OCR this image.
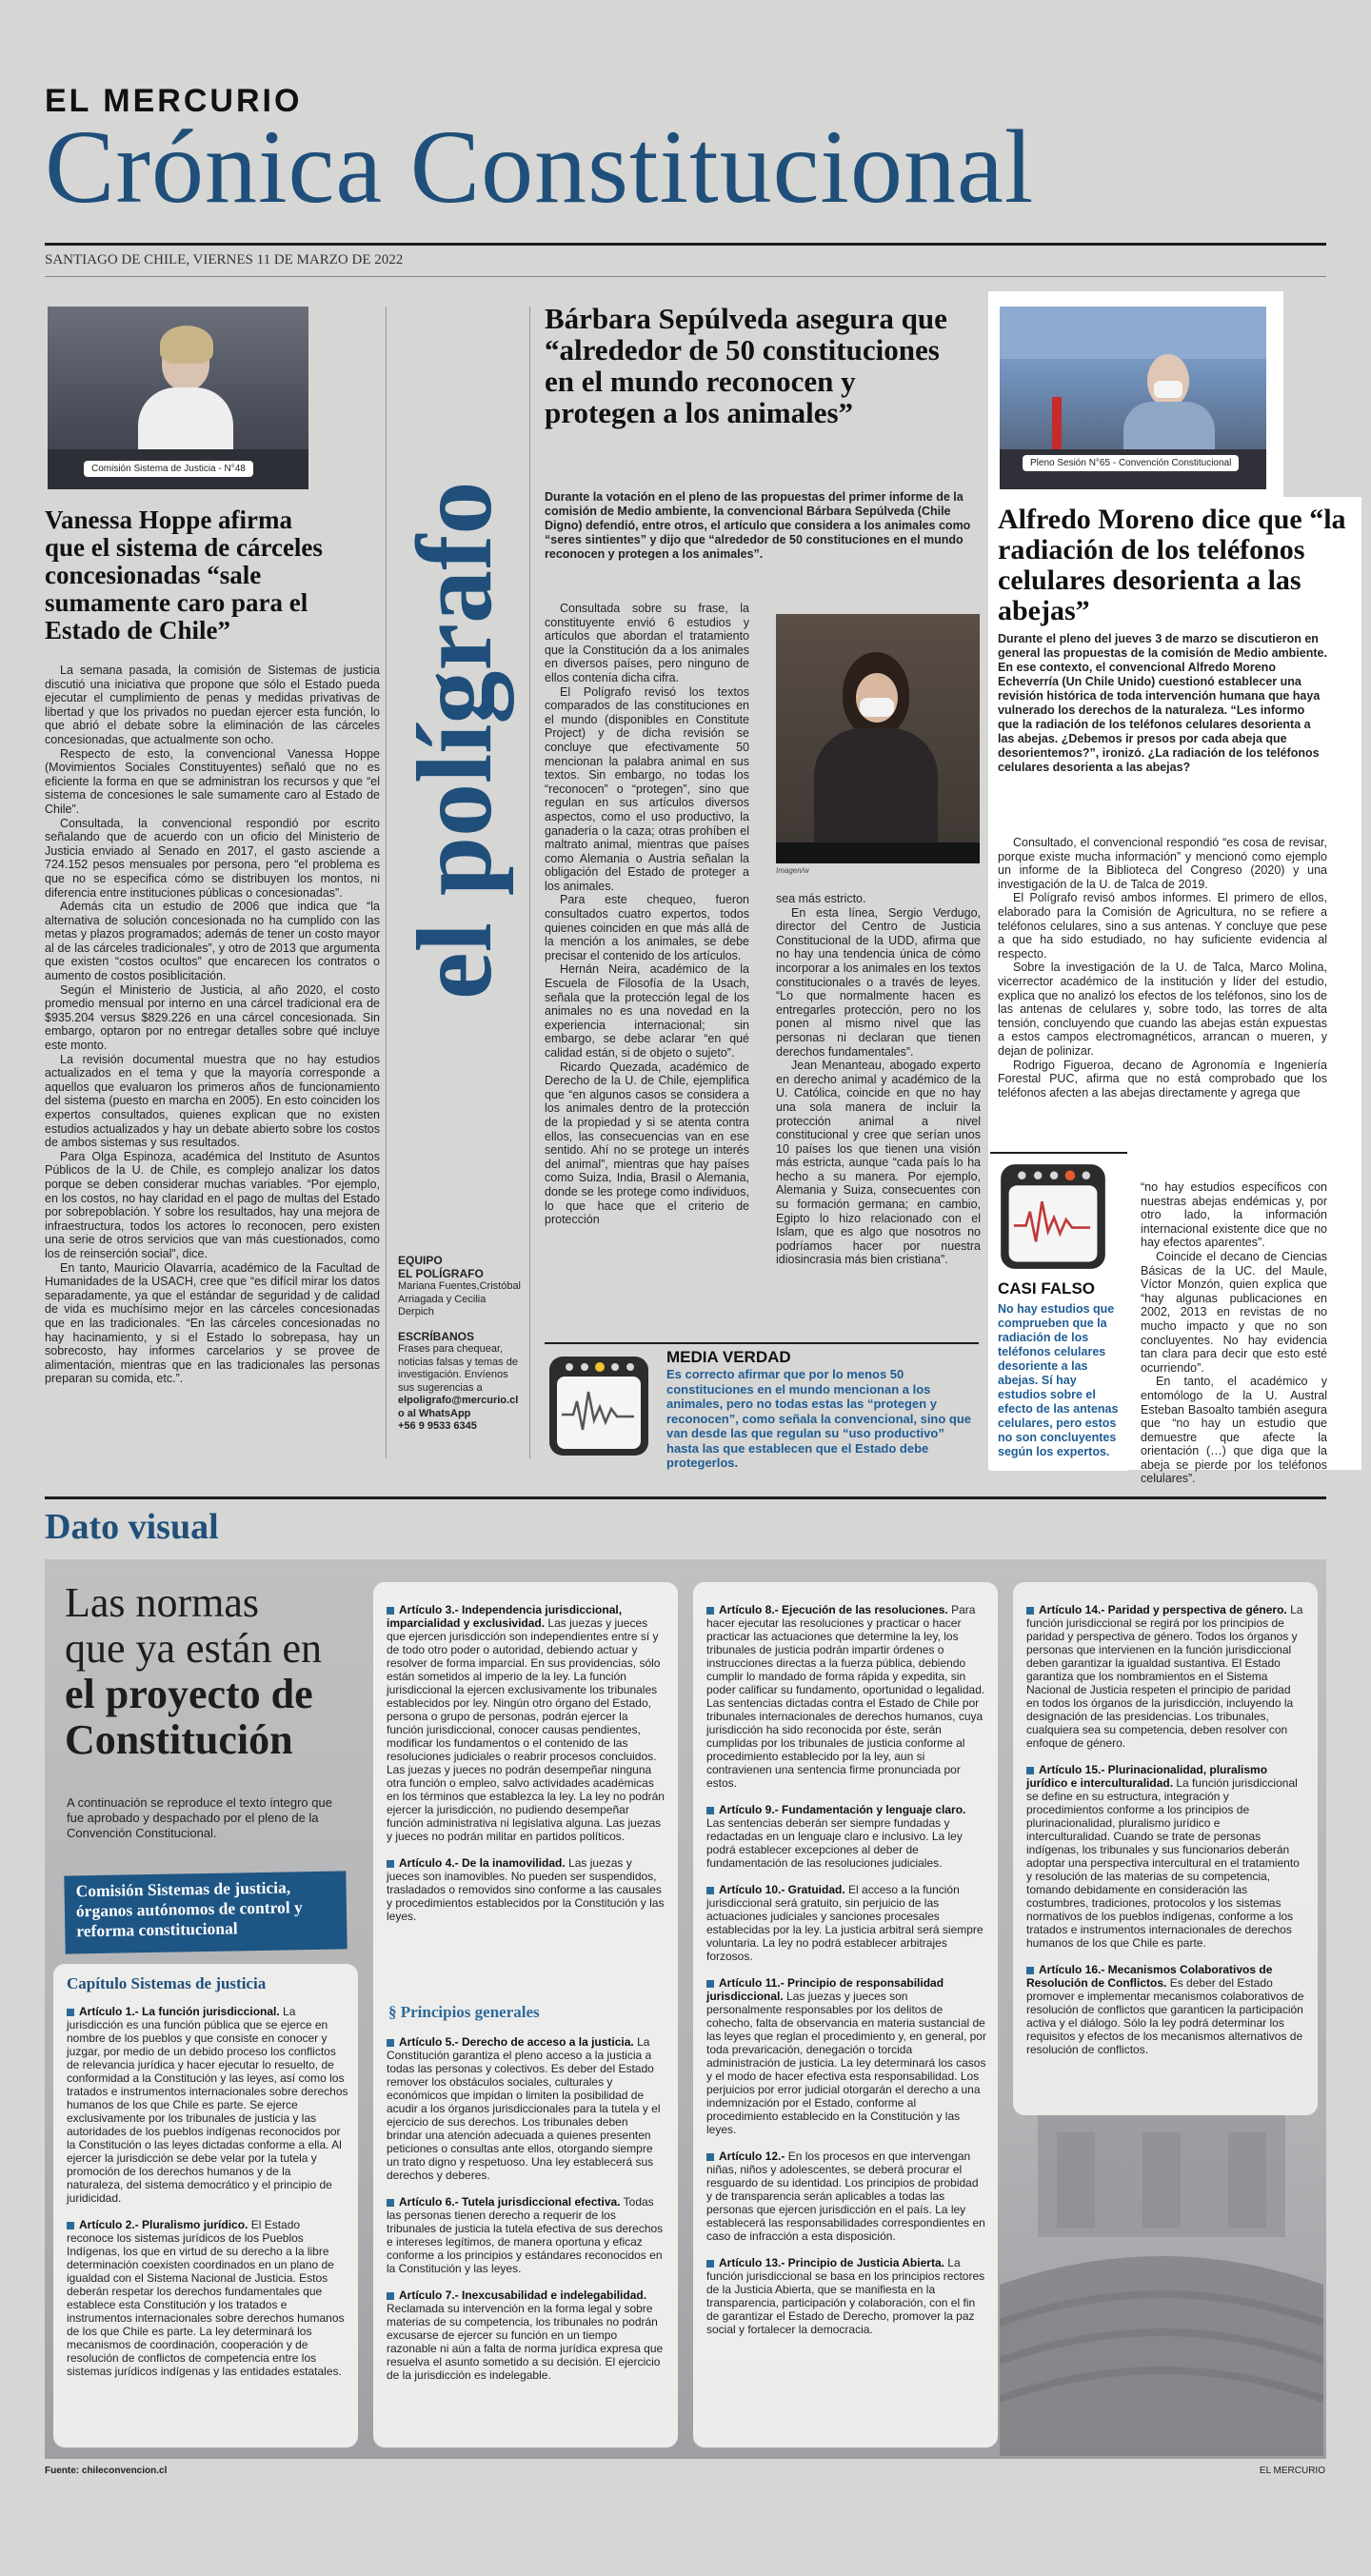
EL MERCURIO
Crónica Constitucional
SANTIAGO DE CHILE, VIERNES 11 DE MARZO DE 2022
Comisión Sistema de Justicia - N°48
Vanessa Hoppe afirma que el sistema de cárceles concesionadas “sale sumamente caro para el Estado de Chile”

La semana pasada, la comisión de Sistemas de justicia discutió una iniciativa que propone que sólo el Estado pueda ejecutar el cumplimiento de penas y medidas privativas de libertad y que los privados no puedan ejercer esta función, lo que abrió el debate sobre la eliminación de las cárceles concesionadas, que actualmente son ocho.

Respecto de esto, la convencional Vanessa Hoppe (Movimientos Sociales Constituyentes) señaló que no es eficiente la forma en que se administran los recursos y que “el sistema de concesiones le sale sumamente caro al Estado de Chile”.

Consultada, la convencional respondió por escrito señalando que de acuerdo con un oficio del Ministerio de Justicia enviado al Senado en 2017, el gasto asciende a 724.152 pesos mensuales por persona, pero “el problema es que no se especifica cómo se distribuyen los montos, ni diferencia entre instituciones públicas o concesionadas”.

Además cita un estudio de 2006 que indica que “la alternativa de solución concesionada no ha cumplido con las metas y plazos programados; además de tener un costo mayor al de las cárceles tradicionales”, y otro de 2013 que argumenta que existen “costos ocultos” que encarecen los contratos o aumento de costos posiblicitación.

Según el Ministerio de Justicia, al año 2020, el costo promedio mensual por interno en una cárcel tradicional era de $935.204 versus $829.226 en una cárcel concesionada. Sin embargo, optaron por no entregar detalles sobre qué incluye este monto.

La revisión documental muestra que no hay estudios actualizados en el tema y que la mayoría corresponde a aquellos que evaluaron los primeros años de funcionamiento del sistema (puesto en marcha en 2005). En esto coinciden los expertos consultados, quienes explican que no existen estudios actualizados y hay un debate abierto sobre los costos de ambos sistemas y sus resultados.

Para Olga Espinoza, académica del Instituto de Asuntos Públicos de la U. de Chile, es complejo analizar los datos porque se deben considerar muchas variables. “Por ejemplo, en los costos, no hay claridad en el pago de multas del Estado por sobrepoblación. Y sobre los resultados, hay una mejora de infraestructura, todos los actores lo reconocen, pero existen una serie de otros servicios que van más cuestionados, como los de reinserción social”, dice.

En tanto, Mauricio Olavarría, académico de la Facultad de Humanidades de la USACH, cree que “es difícil mirar los datos separadamente, ya que el estándar de seguridad y de calidad de vida es muchísimo mejor en las cárceles concesionadas que en las tradicionales. “En las cárceles concesionadas no hay hacinamiento, y si el Estado lo sobrepasa, hay un sobrecosto, hay informes carcelarios y se provee de alimentación, mientras que en las tradicionales las personas preparan su comida, etc.”.

el polígrafo
EQUIPO
EL POLÍGRAFO
Mariana Fuentes,Cristóbal Arriagada y Cecilia Derpich
ESCRÍBANOS
Frases para chequear, noticias falsas y temas de investigación. Envíenos sus sugerencias a
elpoligrafo@mercurio.cl
o al WhatsApp
+56 9 9533 6345
Bárbara Sepúlveda asegura que “alrededor de 50 constituciones en el mundo reconocen y protegen a los animales”
Durante la votación en el pleno de las propuestas del primer informe de la comisión de Medio ambiente, la convencional Bárbara Sepúlveda (Chile Digno) defendió, entre otros, el artículo que considera a los animales como “seres sintientes” y dijo que “alrededor de 50 constituciones en el mundo reconocen y protegen a los animales”.

Consultada sobre su frase, la constituyente envió 6 estudios y artículos que abordan el tratamiento que la Constitución da a los animales en diversos países, pero ninguno de ellos contenía dicha cifra.

El Polígrafo revisó los textos comparados de las constituciones en el mundo (disponibles en Constitute Project) y de dicha revisión se concluye que efectivamente 50 mencionan la palabra animal en sus textos. Sin embargo, no todas los “reconocen” o “protegen”, sino que regulan en sus artículos diversos aspectos, como el uso productivo, la ganadería o la caza; otras prohíben el maltrato animal, mientras que países como Alemania o Austria señalan la obligación del Estado de proteger a los animales.

Para este chequeo, fueron consultados cuatro expertos, todos quienes coinciden en que más allá de la mención a los animales, se debe precisar el contenido de los artículos.

Hernán Neira, académico de la Escuela de Filosofía de la Usach, señala que la protección legal de los animales no es una novedad en la experiencia internacional; sin embargo, se debe aclarar “en qué calidad están, si de objeto o sujeto”.

Ricardo Quezada, académico de Derecho de la U. de Chile, ejemplifica que “en algunos casos se considera a los animales dentro de la protección de la propiedad y si se atenta contra ellos, las consecuencias van en ese sentido. Ahí no se protege un interés del animal”, mientras que hay países como Suiza, India, Brasil o Alemania, donde se les protege como individuos, lo que hace que el criterio de protección

Imagen/w

sea más estricto.

En esta línea, Sergio Verdugo, director del Centro de Justicia Constitucional de la UDD, afirma que no hay una tendencia única de cómo incorporar a los animales en los textos constitucionales o a través de leyes. “Lo que normalmente hacen es entregarles protección, pero no los ponen al mismo nivel que las personas ni declaran que tienen derechos fundamentales”.

Jean Menanteau, abogado experto en derecho animal y académico de la U. Católica, coincide en que no hay una sola manera de incluir la protección animal a nivel constitucional y cree que serían unos 10 países los que tienen una visión más estricta, aunque “cada país lo ha hecho a su manera. Por ejemplo, Alemania y Suiza, consecuentes con su formación germana; en cambio, Egipto lo hizo relacionado con el Islam, que es algo que nosotros no podríamos hacer por nuestra idiosincrasia más bien cristiana”.

MEDIA VERDAD
Es correcto afirmar que por lo menos 50 constituciones en el mundo mencionan a los animales, pero no todas estas las “protegen y reconocen”, como señala la convencional, sino que van desde las que regulan su “uso productivo” hasta las que establecen que el Estado debe protegerlos.
Pleno Sesión N°65 - Convención Constitucional
Alfredo Moreno dice que “la radiación de los teléfonos celulares desorienta a las abejas”
Durante el pleno del jueves 3 de marzo se discutieron en general las propuestas de la comisión de Medio ambiente. En ese contexto, el convencional Alfredo Moreno Echeverría (Un Chile Unido) cuestionó establecer una revisión histórica de toda intervención humana que haya vulnerado los derechos de la naturaleza. “Les informo que la radiación de los teléfonos celulares desorienta a las abejas. ¿Debemos ir presos por cada abeja que desorientemos?”, ironizó. ¿La radiación de los teléfonos celulares desorienta a las abejas?

Consultado, el convencional respondió “es cosa de revisar, porque existe mucha información” y mencionó como ejemplo un informe de la Biblioteca del Congreso (2020) y una investigación de la U. de Talca de 2019.

El Polígrafo revisó ambos informes. El primero de ellos, elaborado para la Comisión de Agricultura, no se refiere a teléfonos celulares, sino a sus antenas. Y concluye que pese a que ha sido estudiado, no hay suficiente evidencia al respecto.

Sobre la investigación de la U. de Talca, Marco Molina, vicerrector académico de la institución y líder del estudio, explica que no analizó los efectos de los teléfonos, sino los de las antenas de celulares y, sobre todo, las torres de alta tensión, concluyendo que cuando las abejas están expuestas a estos campos electromagnéticos, arrancan o mueren, y dejan de polinizar.

Rodrigo Figueroa, decano de Agronomía e Ingeniería Forestal PUC, afirma que no está comprobado que los teléfonos afecten a las abejas directamente y agrega que

CASI FALSO
No hay estudios que comprueben que la radiación de los teléfonos celulares desoriente a las abejas. Sí hay estudios sobre el efecto de las antenas celulares, pero estos no son concluyentes según los expertos.

“no hay estudios específicos con nuestras abejas endémicas y, por otro lado, la información internacional existente dice que no hay efectos aparentes”.

Coincide el decano de Ciencias Básicas de la UC. del Maule, Víctor Monzón, quien explica que “hay algunas publicaciones en 2002, 2013 en revistas de no mucho impacto y que no son concluyentes. No hay evidencia tan clara para decir que esto esté ocurriendo”.

En tanto, el académico y entomólogo de la U. Austral Esteban Basoalto también asegura que “no hay un estudio que demuestre que afecte la orientación (…) que diga que la abeja se pierde por los teléfonos celulares”.

Dato visual
Las normas
que ya están en
el proyecto de
Constitución
A continuación se reproduce el texto íntegro que fue aprobado y despachado por el pleno de la Convención Constitucional.
Comisión Sistemas de justicia, órganos autónomos de control y reforma constitucional
Capítulo Sistemas de justicia
Artículo 1.- La función jurisdiccional. La jurisdicción es una función pública que se ejerce en nombre de los pueblos y que consiste en conocer y juzgar, por medio de un debido proceso los conflictos de relevancia jurídica y hacer ejecutar lo resuelto, de conformidad a la Constitución y las leyes, así como los tratados e instrumentos internacionales sobre derechos humanos de los que Chile es parte. Se ejerce exclusivamente por los tribunales de justicia y las autoridades de los pueblos indígenas reconocidos por la Constitución o las leyes dictadas conforme a ella. Al ejercer la jurisdicción se debe velar por la tutela y promoción de los derechos humanos y de la naturaleza, del sistema democrático y el principio de juridicidad.
Artículo 2.- Pluralismo jurídico. El Estado reconoce los sistemas jurídicos de los Pueblos Indígenas, los que en virtud de su derecho a la libre determinación coexisten coordinados en un plano de igualdad con el Sistema Nacional de Justicia. Estos deberán respetar los derechos fundamentales que establece esta Constitución y los tratados e instrumentos internacionales sobre derechos humanos de los que Chile es parte. La ley determinará los mecanismos de coordinación, cooperación y de resolución de conflictos de competencia entre los sistemas jurídicos indígenas y las entidades estatales.
Artículo 3.- Independencia jurisdiccional, imparcialidad y exclusividad. Las juezas y jueces que ejercen jurisdicción son independientes entre sí y de todo otro poder o autoridad, debiendo actuar y resolver de forma imparcial. En sus providencias, sólo están sometidos al imperio de la ley. La función jurisdiccional la ejercen exclusivamente los tribunales establecidos por ley. Ningún otro órgano del Estado, persona o grupo de personas, podrán ejercer la función jurisdiccional, conocer causas pendientes, modificar los fundamentos o el contenido de las resoluciones judiciales o reabrir procesos concluidos. Las juezas y jueces no podrán desempeñar ninguna otra función o empleo, salvo actividades académicas en los términos que establezca la ley. La ley no podrán ejercer la jurisdicción, no pudiendo desempeñar función administrativa ni legislativa alguna. Las juezas y jueces no podrán militar en partidos políticos.
Artículo 4.- De la inamovilidad. Las juezas y jueces son inamovibles. No pueden ser suspendidos, trasladados o removidos sino conforme a las causales y procedimientos establecidos por la Constitución y las leyes.
§ Principios generales
Artículo 5.- Derecho de acceso a la justicia. La Constitución garantiza el pleno acceso a la justicia a todas las personas y colectivos. Es deber del Estado remover los obstáculos sociales, culturales y económicos que impidan o limiten la posibilidad de acudir a los órganos jurisdiccionales para la tutela y el ejercicio de sus derechos. Los tribunales deben brindar una atención adecuada a quienes presenten peticiones o consultas ante ellos, otorgando siempre un trato digno y respetuoso. Una ley establecerá sus derechos y deberes.
Artículo 6.- Tutela jurisdiccional efectiva. Todas las personas tienen derecho a requerir de los tribunales de justicia la tutela efectiva de sus derechos e intereses legítimos, de manera oportuna y eficaz conforme a los principios y estándares reconocidos en la Constitución y las leyes.
Artículo 7.- Inexcusabilidad e indelegabilidad. Reclamada su intervención en la forma legal y sobre materias de su competencia, los tribunales no podrán excusarse de ejercer su función en un tiempo razonable ni aún a falta de norma jurídica expresa que resuelva el asunto sometido a su decisión. El ejercicio de la jurisdicción es indelegable.
Artículo 8.- Ejecución de las resoluciones. Para hacer ejecutar las resoluciones y practicar o hacer practicar las actuaciones que determine la ley, los tribunales de justicia podrán impartir órdenes o instrucciones directas a la fuerza pública, debiendo cumplir lo mandado de forma rápida y expedita, sin poder calificar su fundamento, oportunidad o legalidad. Las sentencias dictadas contra el Estado de Chile por tribunales internacionales de derechos humanos, cuya jurisdicción ha sido reconocida por éste, serán cumplidas por los tribunales de justicia conforme al procedimiento establecido por la ley, aun si contravienen una sentencia firme pronunciada por estos.
Artículo 9.- Fundamentación y lenguaje claro. Las sentencias deberán ser siempre fundadas y redactadas en un lenguaje claro e inclusivo. La ley podrá establecer excepciones al deber de fundamentación de las resoluciones judiciales.
Artículo 10.- Gratuidad. El acceso a la función jurisdiccional será gratuito, sin perjuicio de las actuaciones judiciales y sanciones procesales establecidas por la ley. La justicia arbitral será siempre voluntaria. La ley no podrá establecer arbitrajes forzosos.
Artículo 11.- Principio de responsabilidad jurisdiccional. Las juezas y jueces son personalmente responsables por los delitos de cohecho, falta de observancia en materia sustancial de las leyes que reglan el procedimiento y, en general, por toda prevaricación, denegación o torcida administración de justicia. La ley determinará los casos y el modo de hacer efectiva esta responsabilidad. Los perjuicios por error judicial otorgarán el derecho a una indemnización por el Estado, conforme al procedimiento establecido en la Constitución y las leyes.
Artículo 12.- En los procesos en que intervengan niñas, niños y adolescentes, se deberá procurar el resguardo de su identidad. Los principios de probidad y de transparencia serán aplicables a todas las personas que ejercen jurisdicción en el país. La ley establecerá las responsabilidades correspondientes en caso de infracción a esta disposición.
Artículo 13.- Principio de Justicia Abierta. La función jurisdiccional se basa en los principios rectores de la Justicia Abierta, que se manifiesta en la transparencia, participación y colaboración, con el fin de garantizar el Estado de Derecho, promover la paz social y fortalecer la democracia.
Artículo 14.- Paridad y perspectiva de género. La función jurisdiccional se regirá por los principios de paridad y perspectiva de género. Todos los órganos y personas que intervienen en la función jurisdiccional deben garantizar la igualdad sustantiva. El Estado garantiza que los nombramientos en el Sistema Nacional de Justicia respeten el principio de paridad en todos los órganos de la jurisdicción, incluyendo la designación de las presidencias. Los tribunales, cualquiera sea su competencia, deben resolver con enfoque de género.
Artículo 15.- Plurinacionalidad, pluralismo jurídico e interculturalidad. La función jurisdiccional se define en su estructura, integración y procedimientos conforme a los principios de plurinacionalidad, pluralismo jurídico e interculturalidad. Cuando se trate de personas indígenas, los tribunales y sus funcionarios deberán adoptar una perspectiva intercultural en el tratamiento y resolución de las materias de su competencia, tomando debidamente en consideración las costumbres, tradiciones, protocolos y los sistemas normativos de los pueblos indígenas, conforme a los tratados e instrumentos internacionales de derechos humanos de los que Chile es parte.
Artículo 16.- Mecanismos Colaborativos de Resolución de Conflictos. Es deber del Estado promover e implementar mecanismos colaborativos de resolución de conflictos que garanticen la participación activa y el diálogo. Sólo la ley podrá determinar los requisitos y efectos de los mecanismos alternativos de resolución de conflictos.
Fuente: chileconvencion.cl	EL MERCURIO
